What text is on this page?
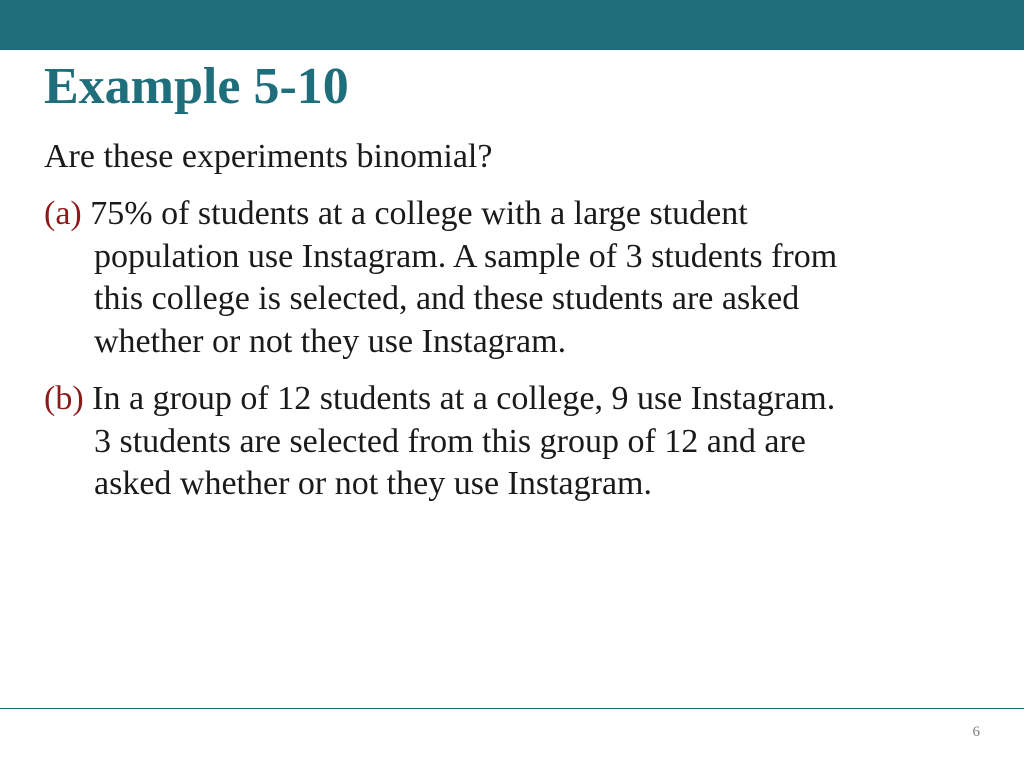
Example 5-10
Are these experiments binomial?
(a) 75% of students at a college with a large student
population use Instagram. A sample of 3 students from
this college is selected, and these students are asked
whether or not they use Instagram.
(b) In a group of 12 students at a college, 9 use Instagram.
3 students are selected from this group of 12 and are
asked whether or not they use Instagram.
6
